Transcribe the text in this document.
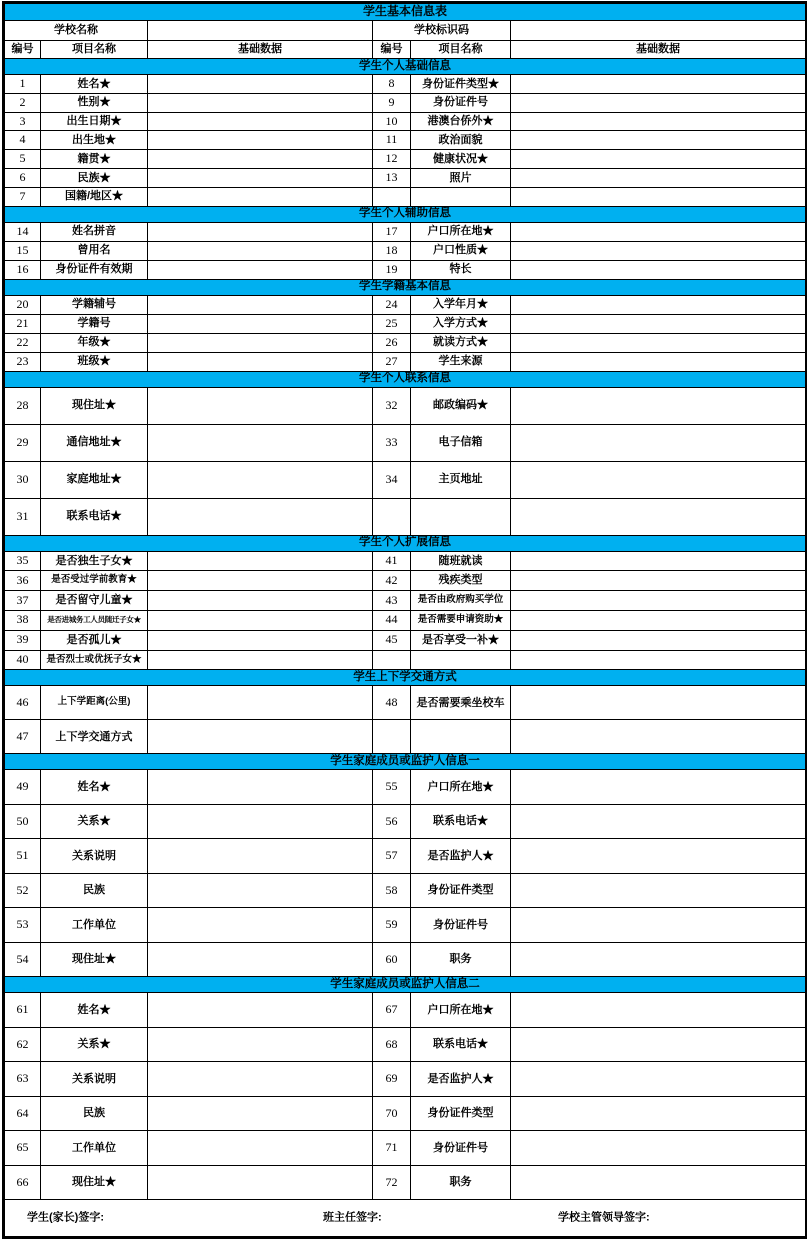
学生基本信息表					
学校名称			学校标识码		
编号	项目名称	基础数据	编号	项目名称	基础数据
学生个人基础信息					
1	姓名★		8	身份证件类型★	
2	性别★		9	身份证件号	
3	出生日期★		10	港澳台侨外★	
4	出生地★		11	政治面貌	
5	籍贯★		12	健康状况★	
6	民族★		13	照片	
7	国籍/地区★				
学生个人辅助信息					
14	姓名拼音		17	户口所在地★	
15	曾用名		18	户口性质★	
16	身份证件有效期		19	特长	
学生学籍基本信息					
20	学籍辅号		24	入学年月★	
21	学籍号		25	入学方式★	
22	年级★		26	就读方式★	
23	班级★		27	学生来源	
学生个人联系信息					
28	现住址★		32	邮政编码★	
29	通信地址★		33	电子信箱	
30	家庭地址★		34	主页地址	
31	联系电话★				
学生个人扩展信息					
35	是否独生子女★		41	随班就读	
36	是否受过学前教育★		42	残疾类型	
37	是否留守儿童★		43	是否由政府购买学位	
38	是否进城务工人员随迁子女★		44	是否需要申请资助★	
39	是否孤儿★		45	是否享受一补★	
40	是否烈士或优抚子女★				
学生上下学交通方式					
46	上下学距离(公里)		48	是否需要乘坐校车	
47	上下学交通方式				
学生家庭成员或监护人信息一					
49	姓名★		55	户口所在地★	
50	关系★		56	联系电话★	
51	关系说明		57	是否监护人★	
52	民族		58	身份证件类型	
53	工作单位		59	身份证件号	
54	现住址★		60	职务	
学生家庭成员或监护人信息二					
61	姓名★		67	户口所在地★	
62	关系★		68	联系电话★	
63	关系说明		69	是否监护人★	
64	民族		70	身份证件类型	
65	工作单位		71	身份证件号	
66	现住址★		72	职务	

学生(家长)签字: 班主任签字: 学校主管领导签字:					
